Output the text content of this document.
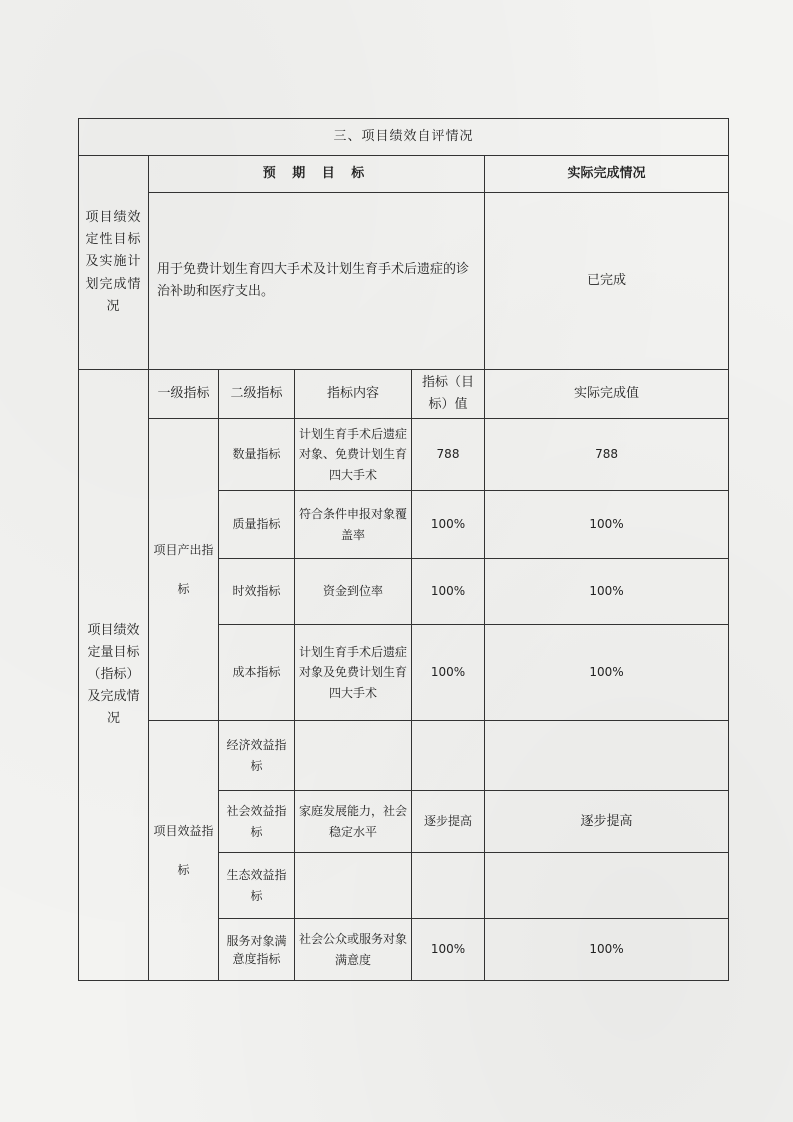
三、项目绩效自评情况					
项目绩效定性目标及实施计划完成情况	预 期 目 标				实际完成情况
	用于免费计划生育四大手术及计划生育手术后遗症的诊治补助和医疗支出。				已完成
项目绩效定量目标（指标）及完成情况	一级指标	二级指标	指标内容	指标（目标）值	实际完成值
	项目产出指标	数量指标	计划生育手术后遗症对象、免费计划生育四大手术	788	788
		质量指标	符合条件申报对象覆盖率	100%	100%
		时效指标	资金到位率	100%	100%
		成本指标	计划生育手术后遗症对象及免费计划生育四大手术	100%	100%
	项目效益指标	经济效益指标			
		社会效益指标	家庭发展能力，社会稳定水平	逐步提高	逐步提高
		生态效益指标			
		服务对象满意度指标	社会公众或服务对象满意度	100%	100%
